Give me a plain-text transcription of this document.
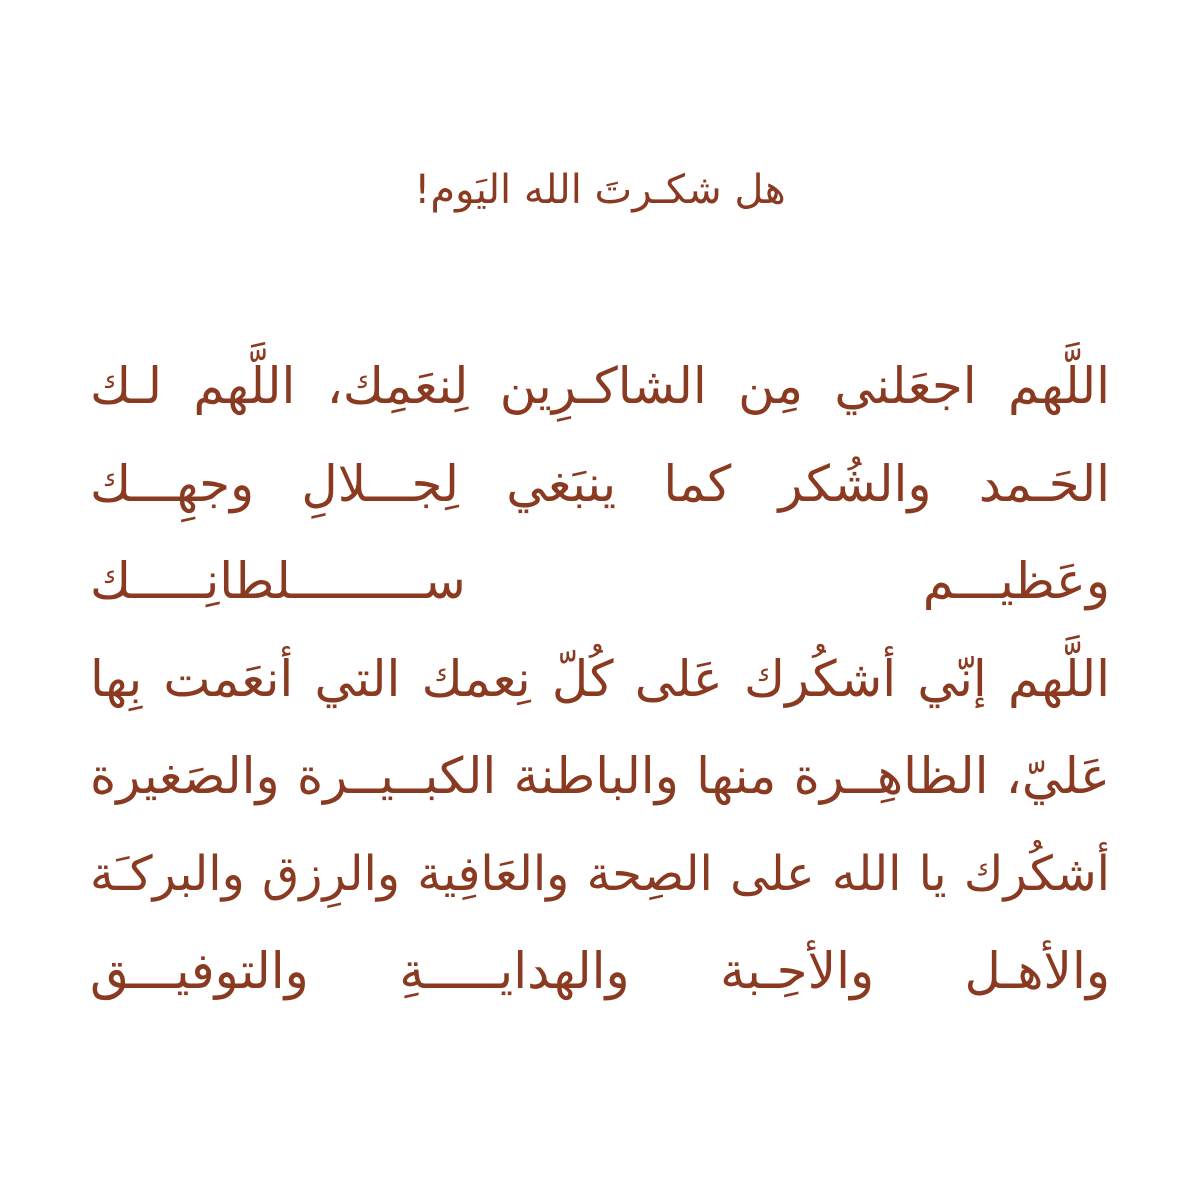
هل شكـرتَ الله اليَوم!
اللَّهم اجعَلني مِن الشاكـرِين لِنعَمِك، اللَّهم لـك
الحَـمد والشُكر كما ينبَغي لِجـــلالِ وجهِـــك
وعَظيـــم ســـــــــلطانِـــــك
اللَّهم إنّي أشكُرك عَلى كُلّ نِعمك التي أنعَمت بِها
عَليّ، الظاهِــرة منها والباطنة الكبــيــرة والصَغيرة
أشكُرك يا الله على الصِحة والعَافِية والرِزق والبركـَة
والأهـل والأحِـبة والهدايـــــةِ والتوفيـــق
